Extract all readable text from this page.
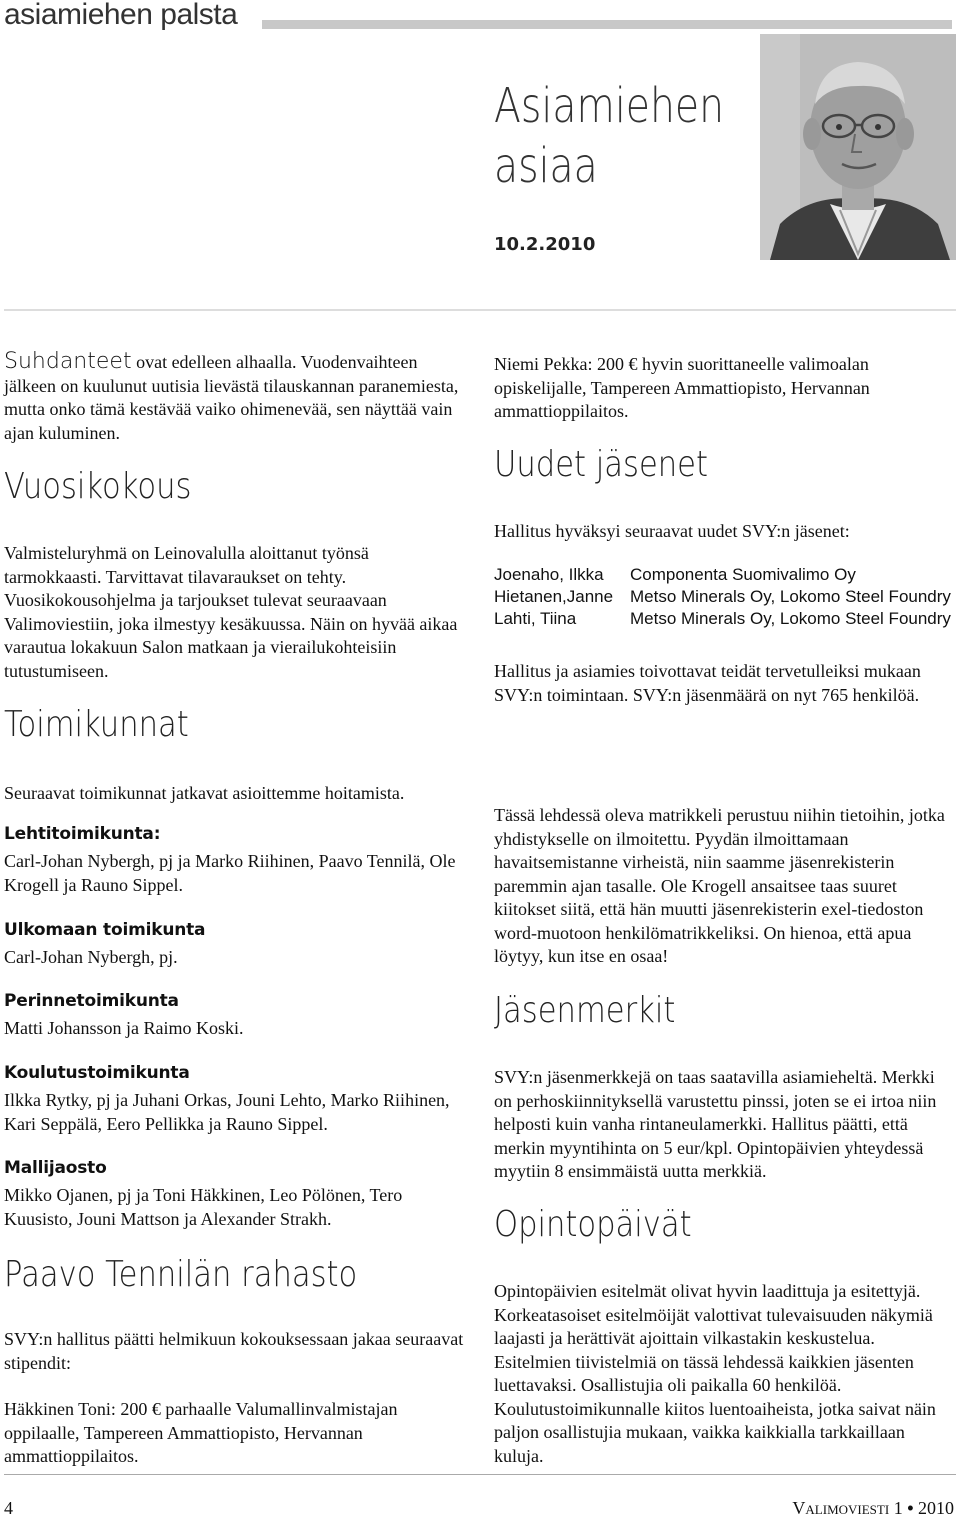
asiamiehen palsta
Asiamiehen
asiaa
10.2.2010

Suhdanteet ovat edelleen alhaalla. Vuodenvaihteen jälkeen on kuulunut uutisia lievästä tilauskannan paranemiesta, mutta onko tämä kestävää vaiko ohimenevää, sen näyttää vain ajan kuluminen.

Vuosikokous

Valmisteluryhmä on Leinovalulla aloittanut työnsä tarmokkaasti. Tarvittavat tilavaraukset on tehty. Vuosikokousohjelma ja tarjoukset tulevat seuraavaan Valimoviestiin, joka ilmestyy kesäkuussa. Näin on hyvää aikaa varautua lokakuun Salon matkaan ja vierailukohteisiin tutustumiseen.

Toimikunnat

Niemi Pekka: 200 € hyvin suorittaneelle valimoalan opiskelijalle, Tampereen Ammattiopisto, Hervannan ammattioppilaitos.

Uudet jäsenet

Hallitus hyväksyi seuraavat uudet SVY:n jäsenet:

Joenaho, Ilkka	Componenta Suomivalimo Oy
Hietanen,Janne Metso Minerals Oy, Lokomo Steel Foundry
Lahti, Tiina	Metso Minerals Oy, Lokomo Steel Foundry

Hallitus ja asiamies toivottavat teidät tervetulleiksi mukaan SVY:n toimintaan. SVY:n jäsenmäärä on nyt 765 henkilöä.

Seuraavat toimikunnat jatkavat asioittemme hoitamista.

Lehtitoimikunta:

Carl-Johan Nybergh, pj ja Marko Riihinen, Paavo Tennilä, Ole Krogell ja Rauno Sippel.

Ulkomaan toimikunta

Carl-Johan Nybergh, pj.

Perinnetoimikunta

Matti Johansson ja Raimo Koski.

Koulutustoimikunta

Ilkka Rytky, pj ja Juhani Orkas, Jouni Lehto, Marko Riihinen, Kari Seppälä, Eero Pellikka ja Rauno Sippel.

Mallijaosto

Mikko Ojanen, pj ja Toni Häkkinen, Leo Pölönen, Tero Kuusisto, Jouni Mattson ja Alexander Strakh.

Paavo Tennilän rahasto

SVY:n hallitus päätti helmikuun kokouksessaan jakaa seuraavat stipendit:

Häkkinen Toni: 200 € parhaalle Valumallinvalmistajan oppilaalle, Tampereen Ammattiopisto, Hervannan ammattioppilaitos.

Tässä lehdessä oleva matrikkeli perustuu niihin tietoihin, jotka yhdistykselle on ilmoitettu. Pyydän ilmoittamaan havaitsemistanne virheistä, niin saamme jäsenrekisterin paremmin ajan tasalle. Ole Krogell ansaitsee taas suuret kiitokset siitä, että hän muutti jäsenrekisterin exel-tiedoston word-muotoon henkilömatrikkeliksi. On hienoa, että apua löytyy, kun itse en osaa!

Jäsenmerkit

SVY:n jäsenmerkkejä on taas saatavilla asiamieheltä. Merkki on perhoskiinnityksellä varustettu pinssi, joten se ei irtoa niin helposti kuin vanha rintaneulamerkki. Hallitus päätti, että merkin myyntihinta on 5 eur/kpl. Opintopäivien yhteydessä myytiin 8 ensimmäistä uutta merkkiä.

Opintopäivät

Opintopäivien esitelmät olivat hyvin laadittuja ja esitettyjä. Korkeatasoiset esitelmöijät valottivat tulevaisuuden näkymiä laajasti ja herättivät ajoittain vilkastakin keskustelua. Esitelmien tiivistelmiä on tässä lehdessä kaikkien jäsenten luettavaksi. Osallistujia oli paikalla 60 henkilöä. Koulutustoimikunnalle kiitos luentoaiheista, jotka saivat näin paljon osallistujia mukaan, vaikka kaikkialla tarkkaillaan kuluja.

4	Valimoviesti 1 • 2010
